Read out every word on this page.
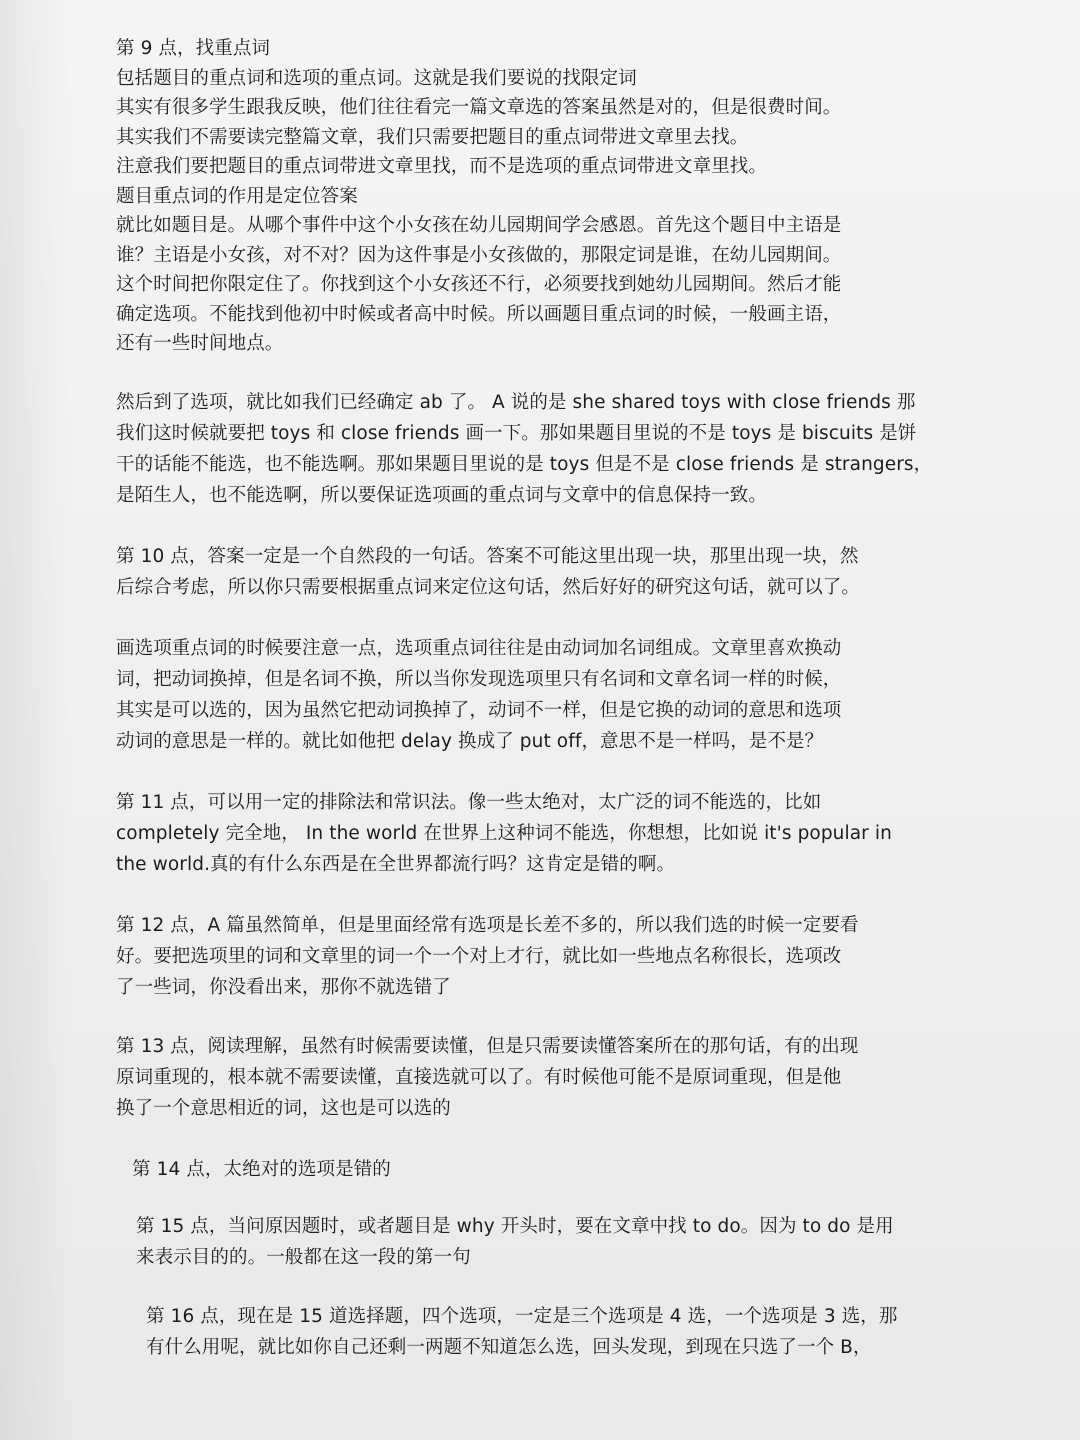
第 9 点，找重点词
包括题目的重点词和选项的重点词。这就是我们要说的找限定词
其实有很多学生跟我反映，他们往往看完一篇文章选的答案虽然是对的，但是很费时间。
其实我们不需要读完整篇文章，我们只需要把题目的重点词带进文章里去找。
注意我们要把题目的重点词带进文章里找，而不是选项的重点词带进文章里找。
题目重点词的作用是定位答案
就比如题目是。从哪个事件中这个小女孩在幼儿园期间学会感恩。首先这个题目中主语是
谁？主语是小女孩，对不对？因为这件事是小女孩做的，那限定词是谁，在幼儿园期间。
这个时间把你限定住了。你找到这个小女孩还不行，必须要找到她幼儿园期间。然后才能
确定选项。不能找到他初中时候或者高中时候。所以画题目重点词的时候，一般画主语，
还有一些时间地点。
然后到了选项，就比如我们已经确定 ab 了。 A 说的是 she shared toys with close friends 那
我们这时候就要把 toys 和 close friends 画一下。那如果题目里说的不是 toys 是 biscuits 是饼
干的话能不能选，也不能选啊。那如果题目里说的是 toys 但是不是 close friends 是 strangers，
是陌生人，也不能选啊，所以要保证选项画的重点词与文章中的信息保持一致。
第 10 点，答案一定是一个自然段的一句话。答案不可能这里出现一块，那里出现一块，然
后综合考虑，所以你只需要根据重点词来定位这句话，然后好好的研究这句话，就可以了。
画选项重点词的时候要注意一点，选项重点词往往是由动词加名词组成。文章里喜欢换动
词，把动词换掉，但是名词不换，所以当你发现选项里只有名词和文章名词一样的时候，
其实是可以选的，因为虽然它把动词换掉了，动词不一样，但是它换的动词的意思和选项
动词的意思是一样的。就比如他把 delay 换成了 put off，意思不是一样吗，是不是？
第 11 点，可以用一定的排除法和常识法。像一些太绝对，太广泛的词不能选的，比如
completely 完全地， In the world 在世界上这种词不能选，你想想，比如说 it's popular in
the world.真的有什么东西是在全世界都流行吗？这肯定是错的啊。
第 12 点，A 篇虽然简单，但是里面经常有选项是长差不多的，所以我们选的时候一定要看
好。要把选项里的词和文章里的词一个一个对上才行，就比如一些地点名称很长，选项改
了一些词，你没看出来，那你不就选错了
第 13 点，阅读理解，虽然有时候需要读懂，但是只需要读懂答案所在的那句话，有的出现
原词重现的，根本就不需要读懂，直接选就可以了。有时候他可能不是原词重现，但是他
换了一个意思相近的词，这也是可以选的
第 14 点，太绝对的选项是错的
第 15 点，当问原因题时，或者题目是 why 开头时，要在文章中找 to do。因为 to do 是用
来表示目的的。一般都在这一段的第一句
第 16 点，现在是 15 道选择题，四个选项，一定是三个选项是 4 选，一个选项是 3 选，那
有什么用呢，就比如你自己还剩一两题不知道怎么选，回头发现，到现在只选了一个 B，
